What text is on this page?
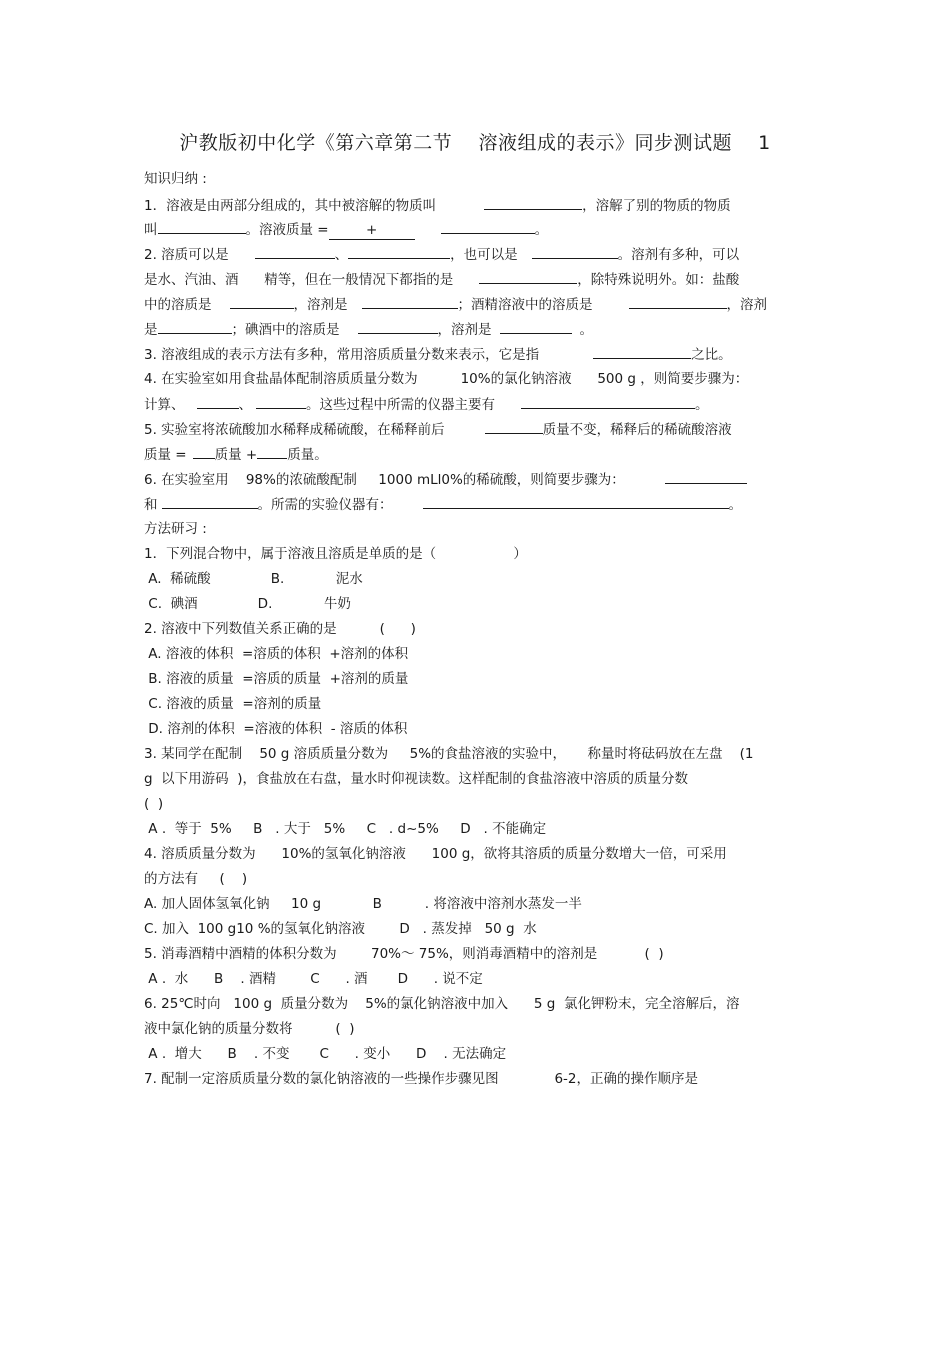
沪教版初中化学《第六章第二节    溶液组成的表示》同步测试题    1
知识归纳 :
1．溶液是由两部分组成的，其中被溶解的物质叫	，溶解了别的物质的物质
叫	。溶液质量 =	+	。
2. 溶质可以是	、	，也可以是	。溶剂有多种，可以
是水、汽油、酒      精等，但在一般情况下都指的是	，除特殊说明外。如：盐酸
中的溶质是	，溶剂是	；酒精溶液中的溶质是	，溶剂
是	；碘酒中的溶质是	，溶剂是	。
3. 溶液组成的表示方法有多种，常用溶质质量分数来表示，它是指	之比。
4. 在实验室如用食盐晶体配制溶质质量分数为          10%的氯化钠溶液      500 g ，则简要步骤为：
计算、	、	。这些过程中所需的仪器主要有	。
5. 实验室将浓硫酸加水稀释成稀硫酸，在稀释前后	质量不变，稀释后的稀硫酸溶液
质量 = 质量 + 质量。
6. 在实验室用    98%的浓硫酸配制     1000 mLl0%的稀硫酸，则简要步骤为：
和	。所需的实验仪器有：	。
方法研习 :
1．下列混合物中，属于溶液且溶质是单质的是（                  ）
A.  稀硫酸              B.            泥水
C.  碘酒              D.            牛奶
2. 溶液中下列数值关系正确的是          (      )
A. 溶液的体积  =溶质的体积  +溶剂的体积
B. 溶液的质量  =溶质的质量  +溶剂的质量
C. 溶液的质量  =溶剂的质量
D. 溶剂的体积  =溶液的体积  - 溶质的体积
3. 某同学在配制    50 g 溶质质量分数为     5%的食盐溶液的实验中，     称量时将砝码放在左盘    (1
g  以下用游码  )，食盐放在右盘，量水时仰视读数。这样配制的食盐溶液中溶质的质量分数
(  )
A .  等于  5%     B   . 大于   5%     C   . d~5%     D   . 不能确定
4. 溶质质量分数为      10%的氢氧化钠溶液      100 g，欲将其溶质的质量分数增大一倍，可采用
的方法有     (    )
A. 加人固体氢氧化钠     10 g            B          . 将溶液中溶剂水蒸发一半
C. 加入  100 g10 %的氢氧化钠溶液        D   . 蒸发掉   50 g  水
5. 消毒酒精中酒精的体积分数为        70%～ 75%，则消毒酒精中的溶剂是           (  )
A .  水      B    . 酒精        C      . 酒       D      . 说不定
6. 25℃时向   100 g  质量分数为    5%的氯化钠溶液中加入      5 g  氯化钾粉末，完全溶解后，溶
液中氯化钠的质量分数将          (  )
A .  增大      B    . 不变       C      . 变小      D    . 无法确定
7. 配制一定溶质质量分数的氯化钠溶液的一些操作步骤见图             6-2，正确的操作顺序是
